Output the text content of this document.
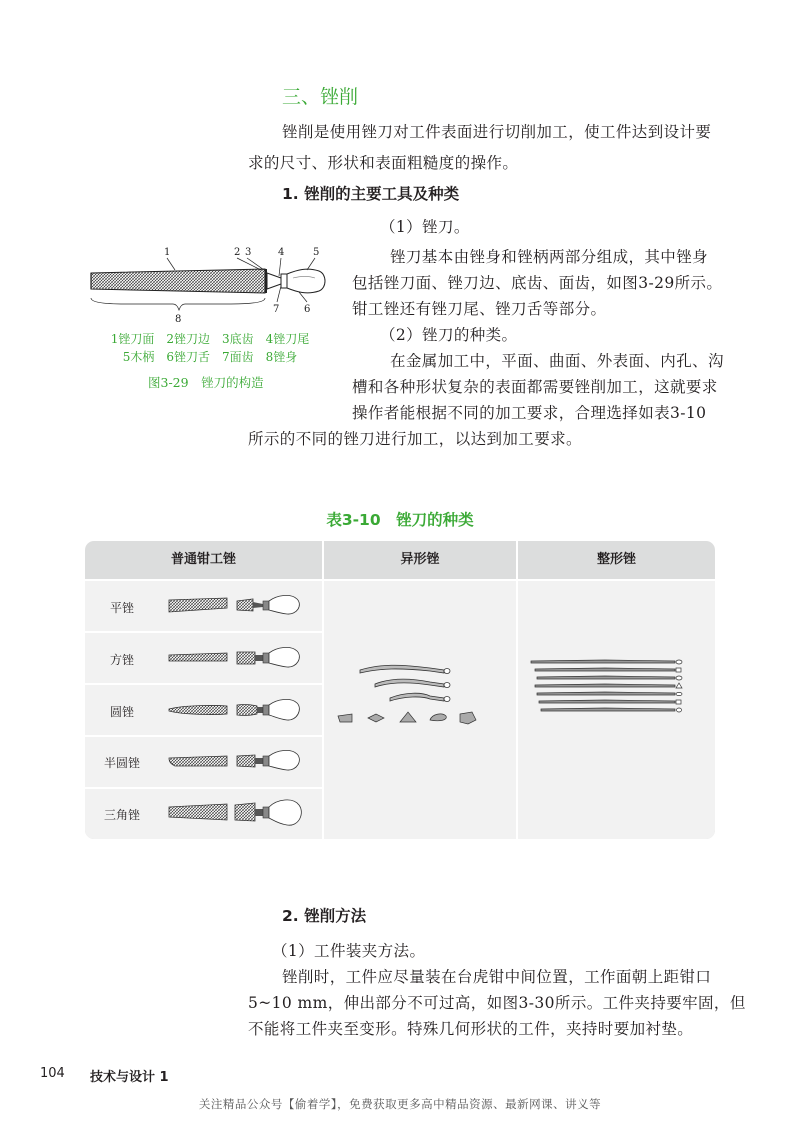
三、锉削
锉削是使用锉刀对工件表面进行切削加工，使工件达到设计要
求的尺寸、形状和表面粗糙度的操作。
1. 锉削的主要工具及种类
（1）锉刀。
锉刀基本由锉身和锉柄两部分组成，其中锉身
包括锉刀面、锉刀边、底齿、面齿，如图3-29所示。
钳工锉还有锉刀尾、锉刀舌等部分。
（2）锉刀的种类。
在金属加工中，平面、曲面、外表面、内孔、沟
槽和各种形状复杂的表面都需要锉削加工，这就要求
操作者能根据不同的加工要求，合理选择如表3-10
所示的不同的锉刀进行加工，以达到加工要求。
1	2 3	4	5
6
7
8
1锉刀面　2锉刀边　3底齿　4锉刀尾
5木柄　6锉刀舌　7面齿　8锉身
图3-29　锉刀的构造
表3-10　锉刀的种类
普通钳工锉	异形锉	整形锉
平锉
方锉
圆锉
半圆锉
三角锉
2. 锉削方法
（1）工件装夹方法。
锉削时，工件应尽量装在台虎钳中间位置，工作面朝上距钳口
5~10 mm，伸出部分不可过高，如图3-30所示。工件夹持要牢固，但
不能将工件夹至变形。特殊几何形状的工件，夹持时要加衬垫。
104 技术与设计 1
关注精品公众号【偷着学】，免费获取更多高中精品资源、最新网课、讲义等
